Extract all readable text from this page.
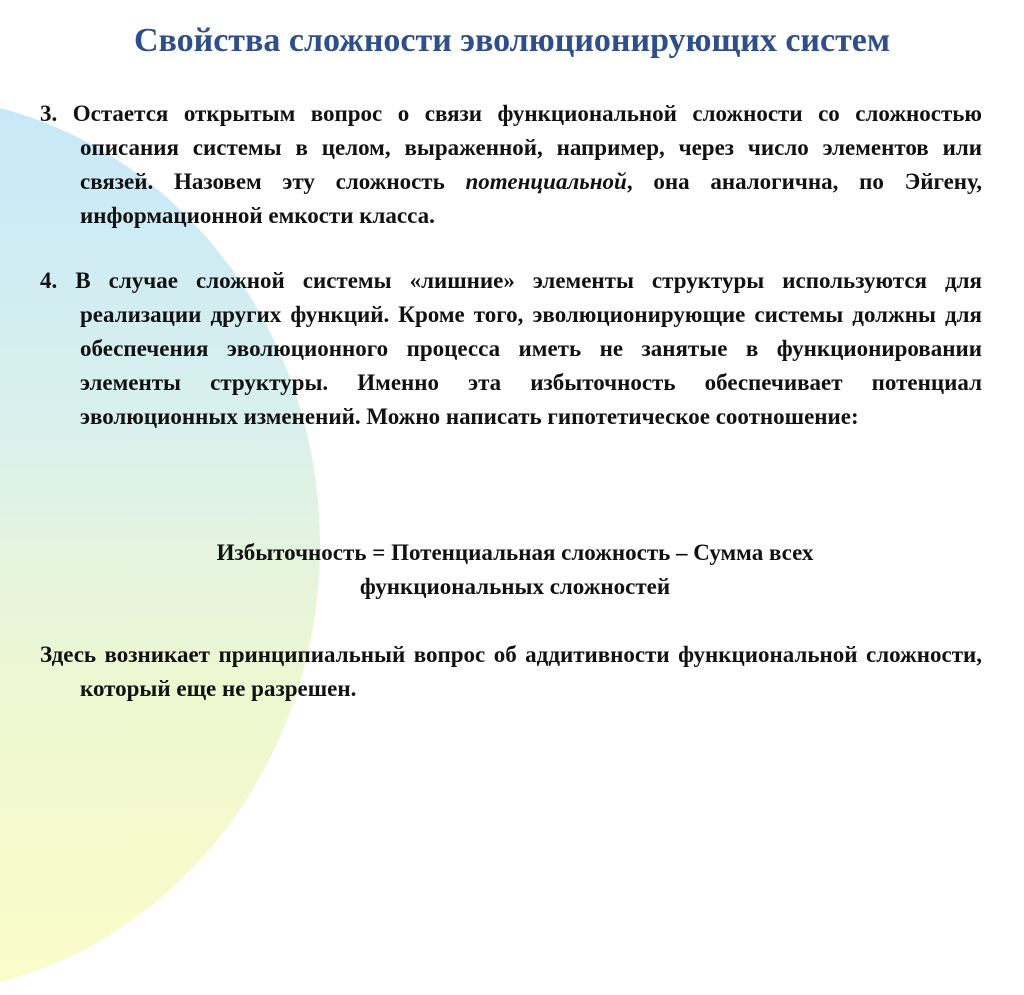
Свойства сложности эволюционирующих систем

3. Остается открытым вопрос о связи функциональной сложности со сложностью описания системы в целом, выраженной, например, через число элементов или связей. Назовем эту сложность потенциальной, она аналогична, по Эйгену, информационной емкости класса.

4. В случае сложной системы «лишние» элементы структуры используются для реализации других функций. Кроме того, эволюционирующие системы должны для обеспечения эволюционного процесса иметь не занятые в функционировании элементы структуры. Именно эта избыточность обеспечивает потенциал эволюционных изменений. Можно написать гипотетическое соотношение:

Избыточность = Потенциальная сложность – Сумма всех
функциональных сложностей

Здесь возникает принципиальный вопрос об аддитивности функциональной сложности, который еще не разрешен.
